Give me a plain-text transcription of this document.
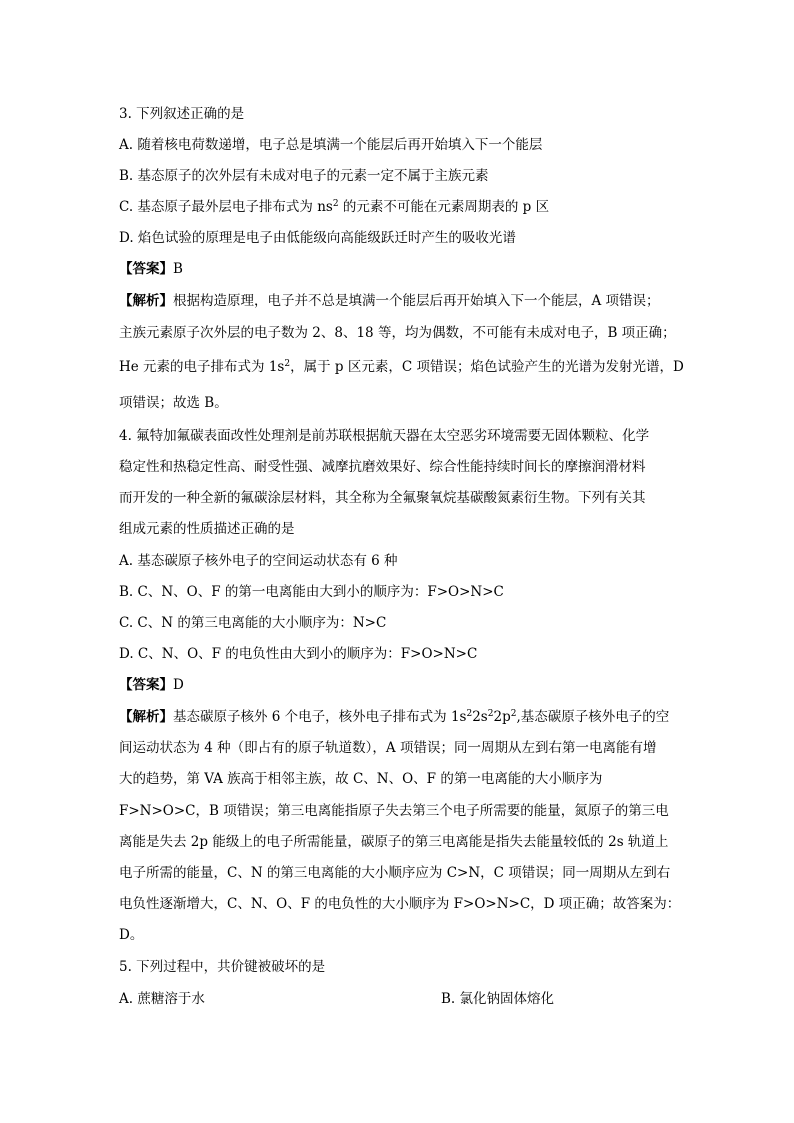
3. 下列叙述正确的是
A. 随着核电荷数递增，电子总是填满一个能层后再开始填入下一个能层
B. 基态原子的次外层有未成对电子的元素一定不属于主族元素
C. 基态原子最外层电子排布式为 $ns^2$ 的元素不可能在元素周期表的 p 区
D. 焰色试验的原理是电子由低能级向高能级跃迁时产生的吸收光谱
【答案】B
【解析】根据构造原理，电子并不总是填满一个能层后再开始填入下一个能层，A 项错误；
主族元素原子次外层的电子数为 2、8、18 等，均为偶数，不可能有未成对电子，B 项正确；
He 元素的电子排布式为 $1s^2$，属于 p 区元素，C 项错误；焰色试验产生的光谱为发射光谱，D
项错误；故选 B。
4. 氟特加氟碳表面改性处理剂是前苏联根据航天器在太空恶劣环境需要无固体颗粒、化学
稳定性和热稳定性高、耐受性强、减摩抗磨效果好、综合性能持续时间长的摩擦润滑材料
而开发的一种全新的氟碳涂层材料，其全称为全氟聚氧烷基碳酸氮素衍生物。下列有关其
组成元素的性质描述正确的是
A. 基态碳原子核外电子的空间运动状态有 6 种
B. C、N、O、F 的第一电离能由大到小的顺序为：F>O>N>C
C. C、N 的第三电离能的大小顺序为：N>C
D. C、N、O、F 的电负性由大到小的顺序为：F>O>N>C
【答案】D
【解析】基态碳原子核外 6 个电子，核外电子排布式为 $1s^22s^22p^2$,基态碳原子核外电子的空
间运动状态为 4 种（即占有的原子轨道数），A 项错误；同一周期从左到右第一电离能有增
大的趋势，第 VA 族高于相邻主族，故 C、N、O、F 的第一电离能的大小顺序为
F>N>O>C，B 项错误；第三电离能指原子失去第三个电子所需要的能量，氮原子的第三电
离能是失去 2p 能级上的电子所需能量，碳原子的第三电离能是指失去能量较低的 2s 轨道上
电子所需的能量，C、N 的第三电离能的大小顺序应为 C>N，C 项错误；同一周期从左到右
电负性逐渐增大，C、N、O、F 的电负性的大小顺序为 F>O>N>C，D 项正确；故答案为：
D。
5. 下列过程中，共价键被破坏的是
A. 蔗糖溶于水	B. 氯化钠固体熔化
